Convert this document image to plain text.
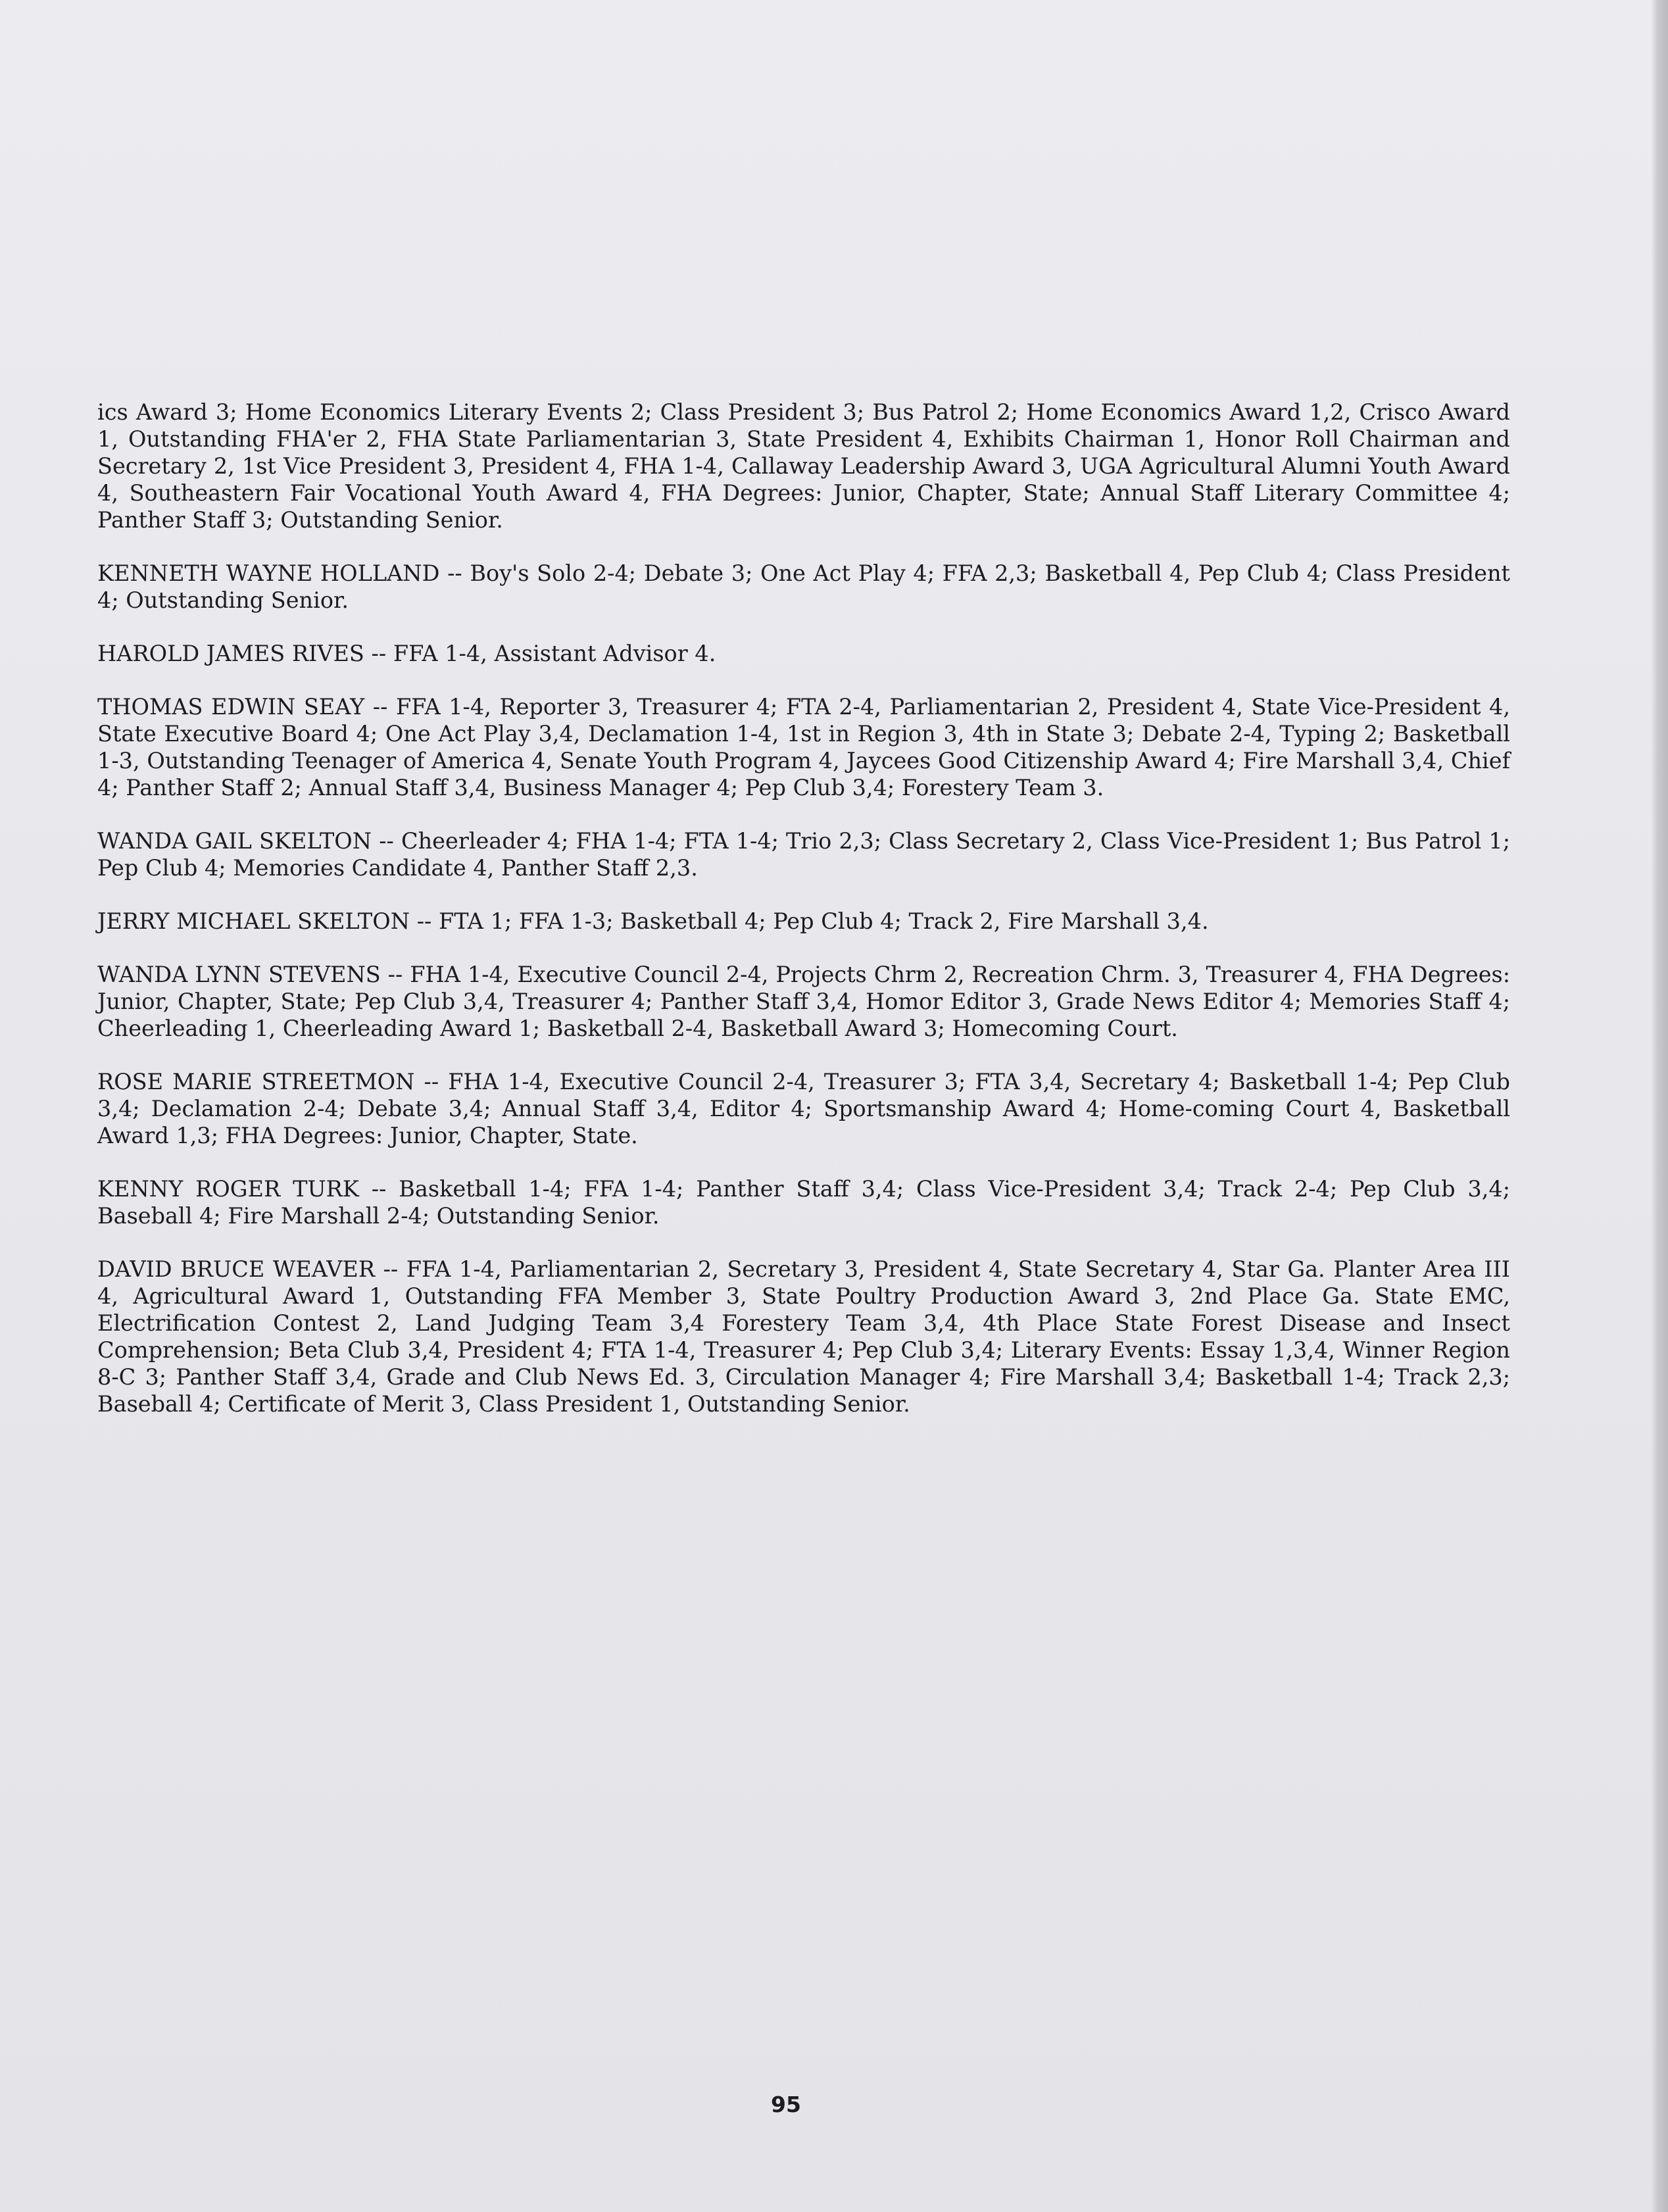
ics Award 3; Home Economics Literary Events 2; Class President 3; Bus Patrol 2; Home Economics Award 1,2, Crisco Award 1, Outstanding FHA'er 2, FHA State Parliamentarian 3, State President 4, Exhibits Chairman 1, Honor Roll Chairman and Secretary 2, 1st Vice President 3, President 4, FHA 1-4, Callaway Leadership Award 3, UGA Agricultural Alumni Youth Award 4, Southeastern Fair Vocational Youth Award 4, FHA Degrees: Junior, Chapter, State; Annual Staff Literary Committee 4; Panther Staff 3; Outstanding Senior.

KENNETH WAYNE HOLLAND -- Boy's Solo 2-4; Debate 3; One Act Play 4; FFA 2,3; Basketball 4, Pep Club 4; Class President 4; Outstanding Senior.

HAROLD JAMES RIVES -- FFA 1-4, Assistant Advisor 4.

THOMAS EDWIN SEAY -- FFA 1-4, Reporter 3, Treasurer 4; FTA 2-4, Parliamentarian 2, President 4, State Vice-President 4, State Executive Board 4; One Act Play 3,4, Declamation 1-4, 1st in Region 3, 4th in State 3; Debate 2-4, Typing 2; Basketball 1-3, Outstanding Teenager of America 4, Senate Youth Program 4, Jaycees Good Citizenship Award 4; Fire Marshall 3,4, Chief 4; Panther Staff 2; Annual Staff 3,4, Business Manager 4; Pep Club 3,4; Forestery Team 3.

WANDA GAIL SKELTON -- Cheerleader 4; FHA 1-4; FTA 1-4; Trio 2,3; Class Secretary 2, Class Vice-President 1; Bus Patrol 1; Pep Club 4; Memories Candidate 4, Panther Staff 2,3.

JERRY MICHAEL SKELTON -- FTA 1; FFA 1-3; Basketball 4; Pep Club 4; Track 2, Fire Marshall 3,4.

WANDA LYNN STEVENS -- FHA 1-4, Executive Council 2-4, Projects Chrm 2, Recreation Chrm. 3, Treasurer 4, FHA Degrees: Junior, Chapter, State; Pep Club 3,4, Treasurer 4; Panther Staff 3,4, Homor Editor 3, Grade News Editor 4; Memories Staff 4; Cheerleading 1, Cheerleading Award 1; Basketball 2-4, Basketball Award 3; Homecoming Court.

ROSE MARIE STREETMON -- FHA 1-4, Executive Council 2-4, Treasurer 3; FTA 3,4, Secretary 4; Basketball 1-4; Pep Club 3,4; Declamation 2-4; Debate 3,4; Annual Staff 3,4, Editor 4; Sportsmanship Award 4; Home-coming Court 4, Basketball Award 1,3; FHA Degrees: Junior, Chapter, State.

KENNY ROGER TURK -- Basketball 1-4; FFA 1-4; Panther Staff 3,4; Class Vice-President 3,4; Track 2-4; Pep Club 3,4; Baseball 4; Fire Marshall 2-4; Outstanding Senior.

DAVID BRUCE WEAVER -- FFA 1-4, Parliamentarian 2, Secretary 3, President 4, State Secretary 4, Star Ga. Planter Area III 4, Agricultural Award 1, Outstanding FFA Member 3, State Poultry Production Award 3, 2nd Place Ga. State EMC, Electrification Contest 2, Land Judging Team 3,4 Forestery Team 3,4, 4th Place State Forest Disease and Insect Comprehension; Beta Club 3,4, President 4; FTA 1-4, Treasurer 4; Pep Club 3,4; Literary Events: Essay 1,3,4, Winner Region 8-C 3; Panther Staff 3,4, Grade and Club News Ed. 3, Circulation Manager 4; Fire Marshall 3,4; Basketball 1-4; Track 2,3; Baseball 4; Certificate of Merit 3, Class President 1, Outstanding Senior.

95
